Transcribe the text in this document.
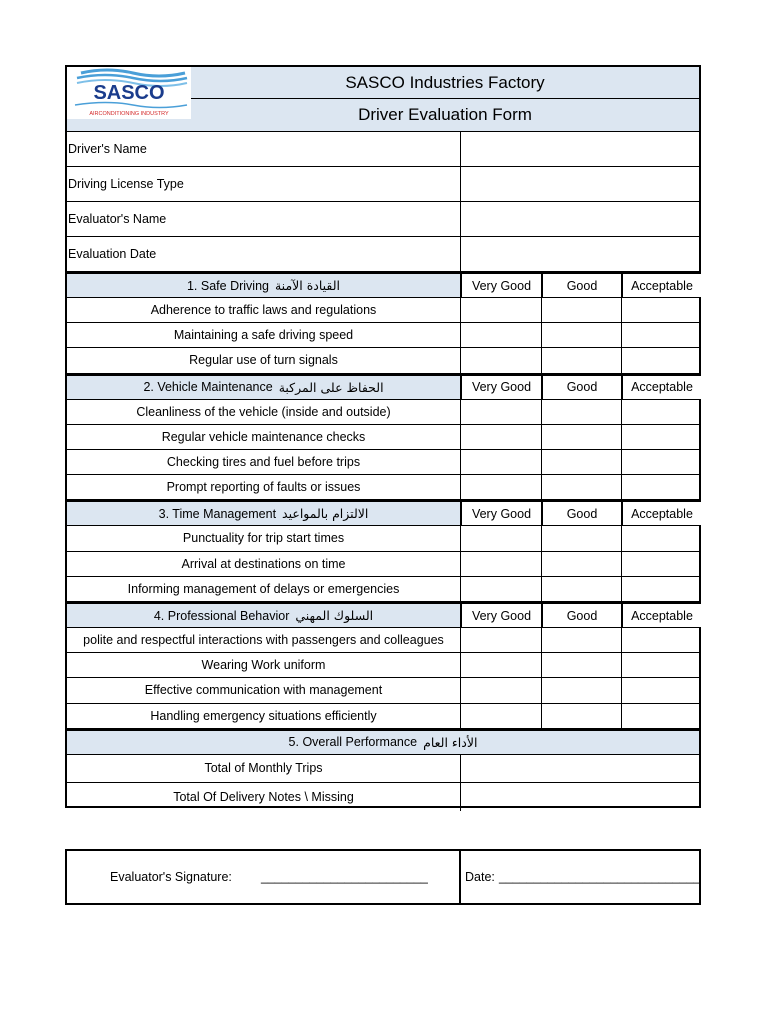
SASCO
AIRCONDITIONING INDUSTRY
SASCO Industries Factory
Driver Evaluation Form
Driver's Name
Driving License Type
Evaluator's Name
Evaluation Date
1. Safe Driving القيادة الآمنة	Very Good	Good	Acceptable
Adherence to traffic laws and regulations
Maintaining a safe driving speed
Regular use of turn signals
2. Vehicle Maintenance الحفاظ على المركبة	Very Good	Good	Acceptable
Cleanliness of the vehicle (inside and outside)
Regular vehicle maintenance checks
Checking tires and fuel before trips
Prompt reporting of faults or issues
3. Time Management الالتزام بالمواعيد	Very Good	Good	Acceptable
Punctuality for trip start times
Arrival at destinations on time
Informing management of delays or emergencies
4. Professional Behavior السلوك المهني	Very Good	Good	Acceptable
polite and respectful interactions with passengers and colleagues
Wearing Work uniform
Effective communication with management
Handling emergency situations efficiently
5. Overall Performance الأداء العام
Total of Monthly Trips
Total Of Delivery Notes \ Missing
Evaluator's Signature: ________________________	Date: _____________________________
